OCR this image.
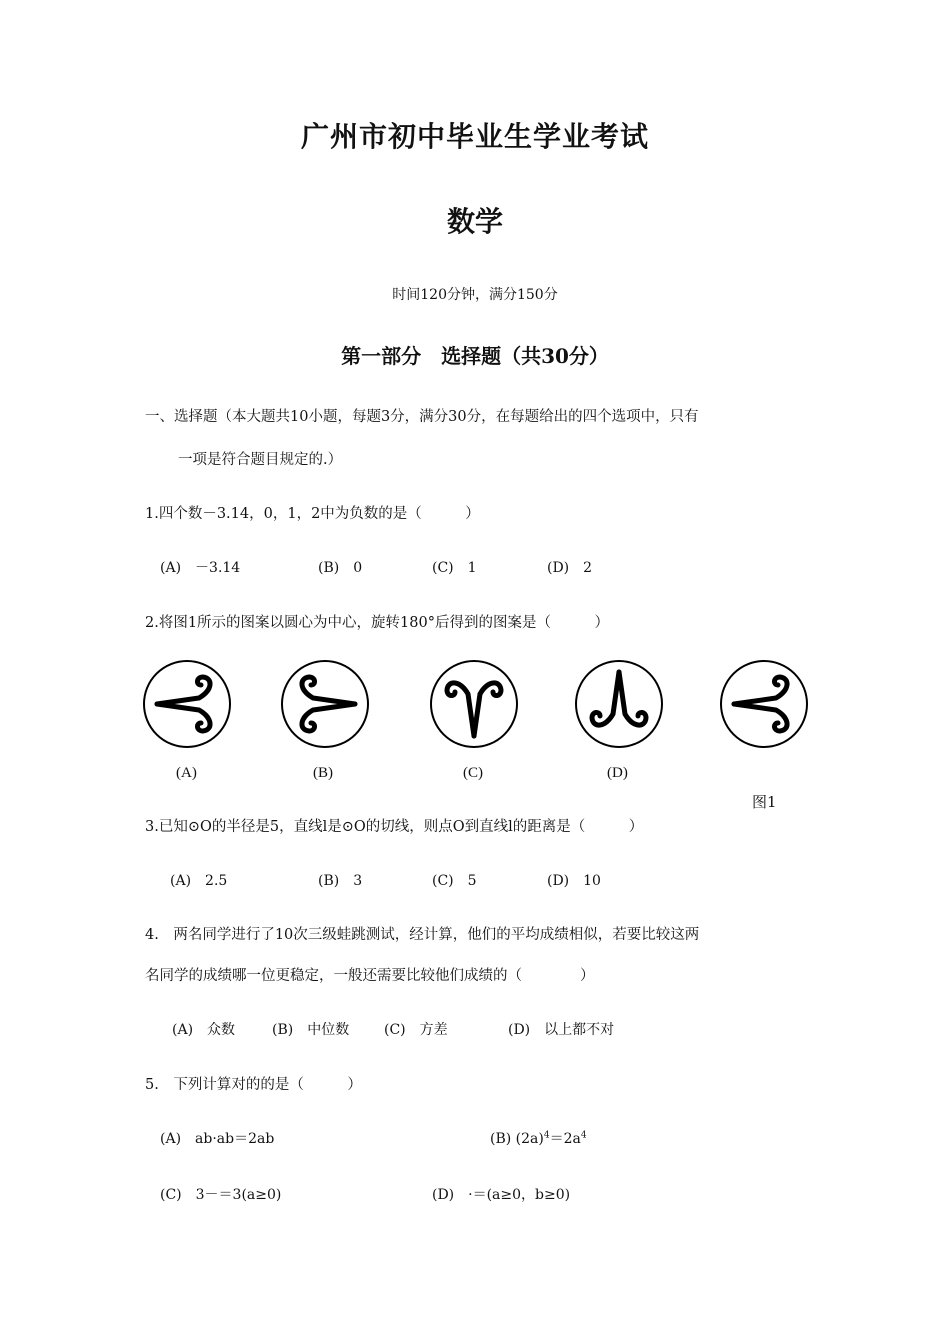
广州市初中毕业生学业考试
数学
时间120分钟，满分150分
第一部分　选择题（共30分）
一、选择题（本大题共10小题，每题3分，满分30分，在每题给出的四个选项中，只有
一项是符合题目规定的.）
1.四个数－3.14，0，1，2中为负数的是（　　　）
(A)　－3.14	(B)　0	(C)　1	(D)　2
2.将图1所示的图案以圆心为中心，旋转180°后得到的图案是（　　　）
(A)	(B)	(C)	(D)
图1
3.已知⊙O的半径是5，直线l是⊙O的切线，则点O到直线l的距离是（　　　）
(A)　2.5	(B)　3	(C)　5	(D)　10
4.　两名同学进行了10次三级蛙跳测试，经计算，他们的平均成绩相似，若要比较这两
名同学的成绩哪一位更稳定，一般还需要比较他们成绩的（　　　　）
(A)　众数	(B)　中位数 (C)　方差	(D)　以上都不对
5.　下列计算对的的是（　　　）
(A)　ab·ab＝2ab	(B) $(2a)^4=2a^4$
(C)　3－＝3(a≥0)	(D)　·＝(a≥0，b≥0)
